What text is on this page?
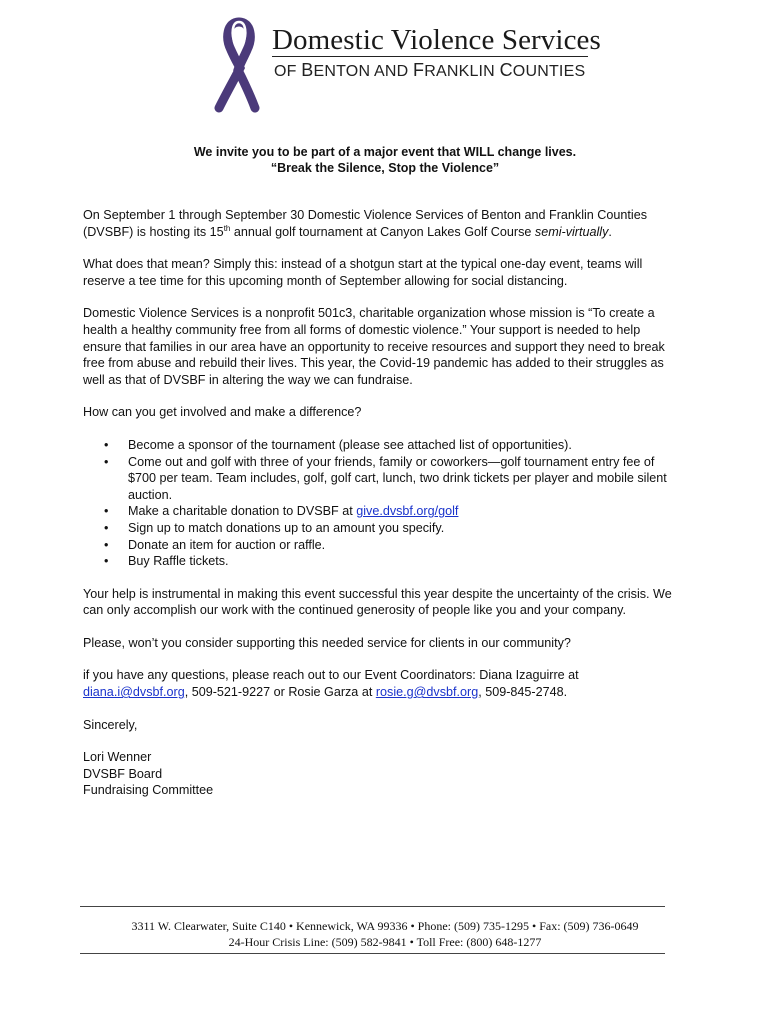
Domestic Violence Services
OF BENTON AND FRANKLIN COUNTIES
We invite you to be part of a major event that WILL change lives.
“Break the Silence, Stop the Violence”

On September 1 through September 30 Domestic Violence Services of Benton and Franklin Counties (DVSBF) is hosting its 15th annual golf tournament at Canyon Lakes Golf Course semi-virtually.

What does that mean? Simply this: instead of a shotgun start at the typical one-day event, teams will reserve a tee time for this upcoming month of September allowing for social distancing.

Domestic Violence Services is a nonprofit 501c3, charitable organization whose mission is “To create a health a healthy community free from all forms of domestic violence.” Your support is needed to help ensure that families in our area have an opportunity to receive resources and support they need to break free from abuse and rebuild their lives. This year, the Covid-19 pandemic has added to their struggles as well as that of DVSBF in altering the way we can fundraise.

How can you get involved and make a difference?

• Become a sponsor of the tournament (please see attached list of opportunities).
• Come out and golf with three of your friends, family or coworkers—golf tournament entry fee of $700 per team. Team includes, golf, golf cart, lunch, two drink tickets per player and mobile silent auction.
• Make a charitable donation to DVSBF at give.dvsbf.org/golf
• Sign up to match donations up to an amount you specify.
• Donate an item for auction or raffle.
• Buy Raffle tickets.

Your help is instrumental in making this event successful this year despite the uncertainty of the crisis. We can only accomplish our work with the continued generosity of people like you and your company.

Please, won’t you consider supporting this needed service for clients in our community?

if you have any questions, please reach out to our Event Coordinators: Diana Izaguirre at diana.i@dvsbf.org, 509-521-9227 or Rosie Garza at rosie.g@dvsbf.org, 509-845-2748.

Sincerely,

Lori Wenner
DVSBF Board
Fundraising Committee

3311 W. Clearwater, Suite C140 • Kennewick, WA 99336 • Phone: (509) 735-1295 • Fax: (509) 736-0649
24-Hour Crisis Line: (509) 582-9841 • Toll Free: (800) 648-1277
